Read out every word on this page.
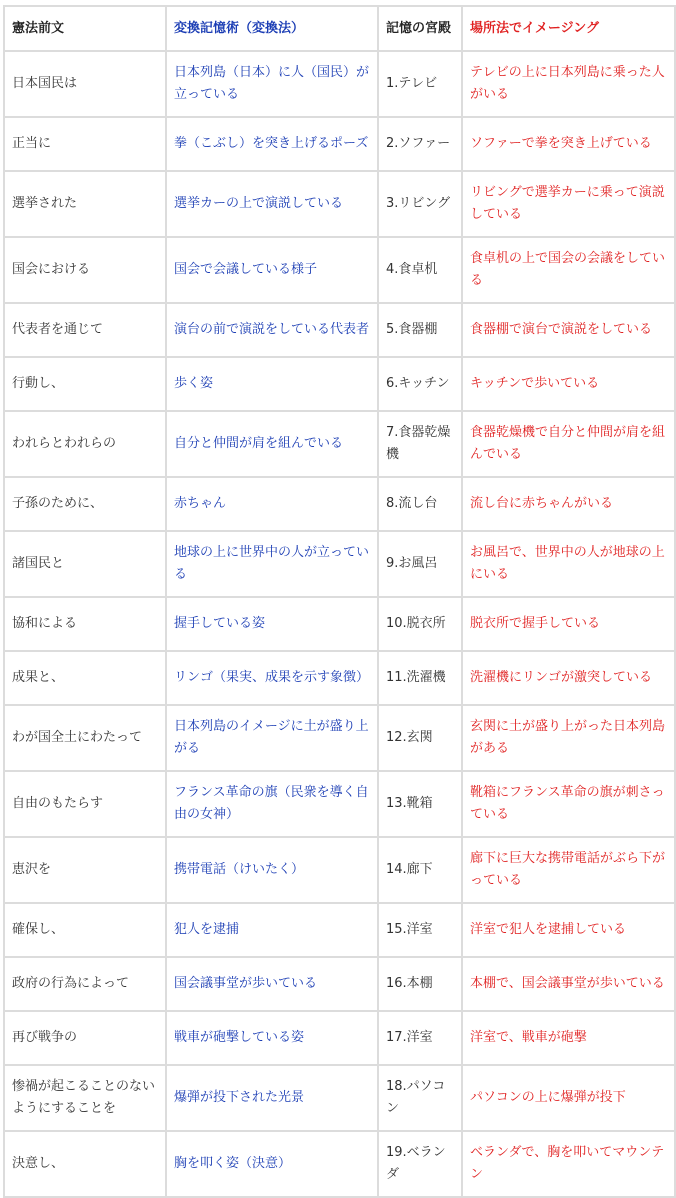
憲法前文	変換記憶術（変換法）	記憶の宮殿	場所法でイメージング
日本国民は	日本列島（日本）に人（国民）が立っている	1.テレビ	テレビの上に日本列島に乗った人がいる
正当に	拳（こぶし）を突き上げるポーズ	2.ソファー	ソファーで拳を突き上げている
選挙された	選挙カーの上で演説している	3.リビング	リビングで選挙カーに乗って演説している
国会における	国会で会議している様子	4.食卓机	食卓机の上で国会の会議をしている
代表者を通じて	演台の前で演説をしている代表者	5.食器棚	食器棚で演台で演説をしている
行動し、	歩く姿	6.キッチン	キッチンで歩いている
われらとわれらの	自分と仲間が肩を組んでいる	7.食器乾燥機	食器乾燥機で自分と仲間が肩を組んでいる
子孫のために、	赤ちゃん	8.流し台	流し台に赤ちゃんがいる
諸国民と	地球の上に世界中の人が立っている	9.お風呂	お風呂で、世界中の人が地球の上にいる
協和による	握手している姿	10.脱衣所	脱衣所で握手している
成果と、	リンゴ（果実、成果を示す象徴）	11.洗濯機	洗濯機にリンゴが激突している
わが国全土にわたって	日本列島のイメージに土が盛り上がる	12.玄関	玄関に土が盛り上がった日本列島がある
自由のもたらす	フランス革命の旗（民衆を導く自由の女神）	13.靴箱	靴箱にフランス革命の旗が刺さっている
恵沢を	携帯電話（けいたく）	14.廊下	廊下に巨大な携帯電話がぶら下がっている
確保し、	犯人を逮捕	15.洋室	洋室で犯人を逮捕している
政府の行為によって	国会議事堂が歩いている	16.本棚	本棚で、国会議事堂が歩いている
再び戦争の	戦車が砲撃している姿	17.洋室	洋室で、戦車が砲撃
惨禍が起こることのないようにすることを	爆弾が投下された光景	18.パソコン	パソコンの上に爆弾が投下
決意し、	胸を叩く姿（決意）	19.ベランダ	ベランダで、胸を叩いてマウンテン
